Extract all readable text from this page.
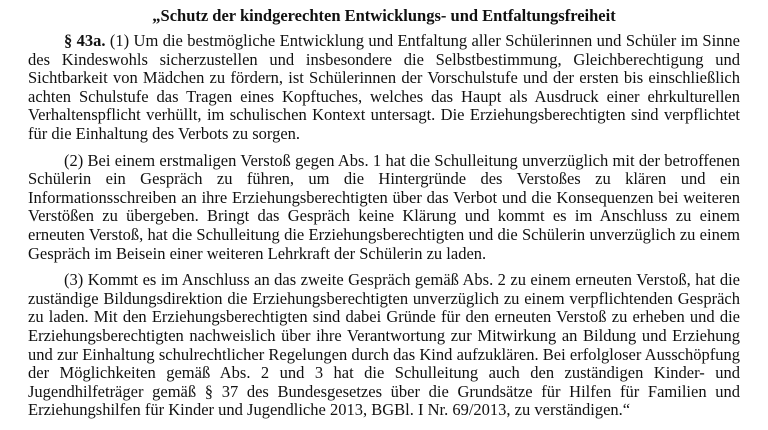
„Schutz der kindgerechten Entwicklungs- und Entfaltungsfreiheit

§ 43a. (1) Um die bestmögliche Entwicklung und Entfaltung aller Schülerinnen und Schüler im Sinne des Kindeswohls sicherzustellen und insbesondere die Selbstbestimmung, Gleichberechtigung und Sichtbarkeit von Mädchen zu fördern, ist Schülerinnen der Vorschulstufe und der ersten bis einschließlich achten Schulstufe das Tragen eines Kopftuches, welches das Haupt als Ausdruck einer ehrkulturellen Verhaltenspflicht verhüllt, im schulischen Kontext untersagt. Die Erziehungsberechtigten sind verpflichtet für die Einhaltung des Verbots zu sorgen.

(2) Bei einem erstmaligen Verstoß gegen Abs. 1 hat die Schulleitung unverzüglich mit der betroffenen Schülerin ein Gespräch zu führen, um die Hintergründe des Verstoßes zu klären und ein Informationsschreiben an ihre Erziehungsberechtigten über das Verbot und die Konsequenzen bei weiteren Verstößen zu übergeben. Bringt das Gespräch keine Klärung und kommt es im Anschluss zu einem erneuten Verstoß, hat die Schulleitung die Erziehungsberechtigten und die Schülerin unverzüglich zu einem Gespräch im Beisein einer weiteren Lehrkraft der Schülerin zu laden.

(3) Kommt es im Anschluss an das zweite Gespräch gemäß Abs. 2 zu einem erneuten Verstoß, hat die zuständige Bildungsdirektion die Erziehungsberechtigten unverzüglich zu einem verpflichtenden Gespräch zu laden. Mit den Erziehungsberechtigten sind dabei Gründe für den erneuten Verstoß zu erheben und die Erziehungsberechtigten nachweislich über ihre Verantwortung zur Mitwirkung an Bildung und Erziehung und zur Einhaltung schulrechtlicher Regelungen durch das Kind aufzuklären. Bei erfolgloser Ausschöpfung der Möglichkeiten gemäß Abs. 2 und 3 hat die Schulleitung auch den zuständigen Kinder- und Jugendhilfeträger gemäß § 37 des Bundesgesetzes über die Grundsätze für Hilfen für Familien und Erziehungshilfen für Kinder und Jugendliche 2013, BGBl. I Nr. 69/2013, zu verständigen.“
